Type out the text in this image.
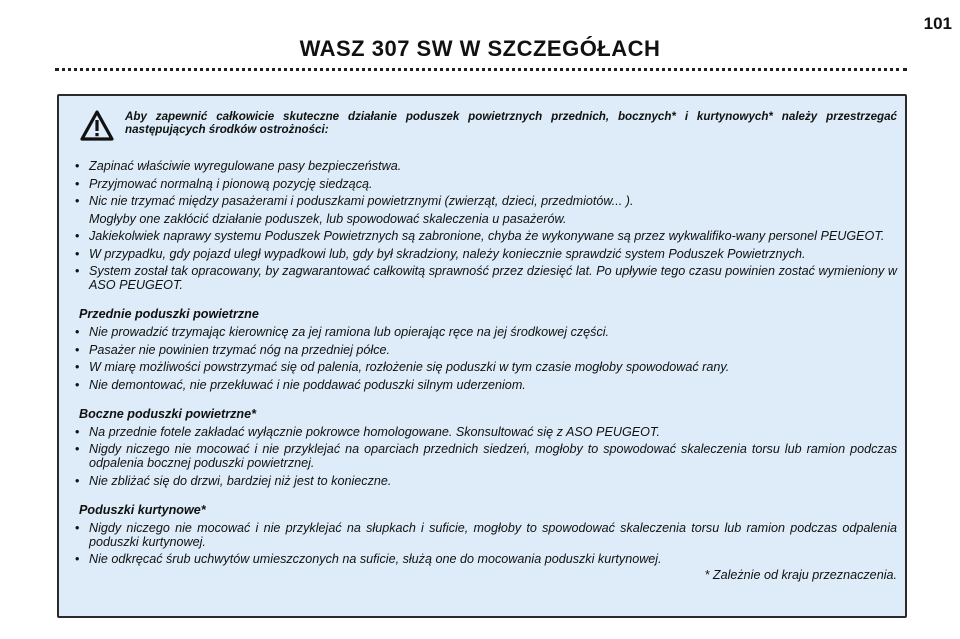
101
WASZ 307 SW W SZCZEGÓŁACH
Aby zapewnić całkowicie skuteczne działanie poduszek powietrznych przednich, bocznych* i kurtynowych* należy przestrzegać następujących środków ostrożności:
• Zapinać właściwie wyregulowane pasy bezpieczeństwa.
• Przyjmować normalną i pionową pozycję siedzącą.
• Nic nie trzymać między pasażerami i poduszkami powietrznymi (zwierząt, dzieci, przedmiotów... ).
Mogłyby one zakłócić działanie poduszek, lub spowodować skaleczenia u pasażerów.
• Jakiekolwiek naprawy systemu Poduszek Powietrznych są zabronione, chyba że wykonywane są przez wykwalifiko-wany personel PEUGEOT.
• W przypadku, gdy pojazd uległ wypadkowi lub, gdy był skradziony, należy koniecznie sprawdzić system Poduszek Powietrznych.
• System został tak opracowany, by zagwarantować całkowitą sprawność przez dziesięć lat. Po upływie tego czasu powinien zostać wymieniony w ASO PEUGEOT.
Przednie poduszki powietrzne
• Nie prowadzić trzymając kierownicę za jej ramiona lub opierając ręce na jej środkowej części.
• Pasażer nie powinien trzymać nóg na przedniej półce.
• W miarę możliwości powstrzymać się od palenia, rozłożenie się poduszki w tym czasie mogłoby spowodować rany.
• Nie demontować, nie przekłuwać i nie poddawać poduszki silnym uderzeniom.
Boczne poduszki powietrzne*
• Na przednie fotele zakładać wyłącznie pokrowce homologowane. Skonsultować się z ASO PEUGEOT.
• Nigdy niczego nie mocować i nie przyklejać na oparciach przednich siedzeń, mogłoby to spowodować skaleczenia torsu lub ramion podczas odpalenia bocznej poduszki powietrznej.
• Nie zbliżać się do drzwi, bardziej niż jest to konieczne.
Poduszki kurtynowe*
• Nigdy niczego nie mocować i nie przyklejać na słupkach i suficie, mogłoby to spowodować skaleczenia torsu lub ramion podczas odpalenia poduszki kurtynowej.
• Nie odkręcać śrub uchwytów umieszczonych na suficie, służą one do mocowania poduszki kurtynowej.
* Zależnie od kraju przeznaczenia.
